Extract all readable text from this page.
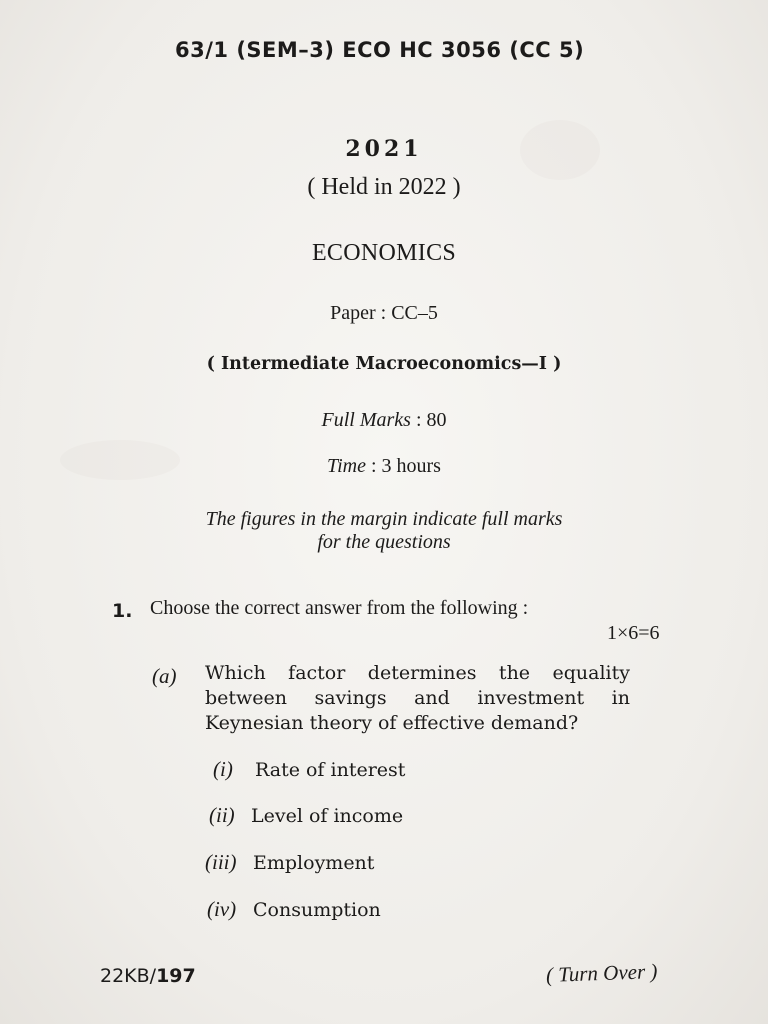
63/1 (SEM–3) ECO HC 3056 (CC 5)
2021
( Held in 2022 )
ECONOMICS
Paper : CC–5
( Intermediate Macroeconomics—I )
Full Marks : 80
Time : 3 hours
The figures in the margin indicate full marks
for the questions
1. Choose the correct answer from the following :
1×6=6
(a) Which factor determines the equality between savings and investment in Keynesian theory of effective demand?
(i) Rate of interest
(ii) Level of income
(iii) Employment
(iv) Consumption
22KB/197	( Turn Over )
